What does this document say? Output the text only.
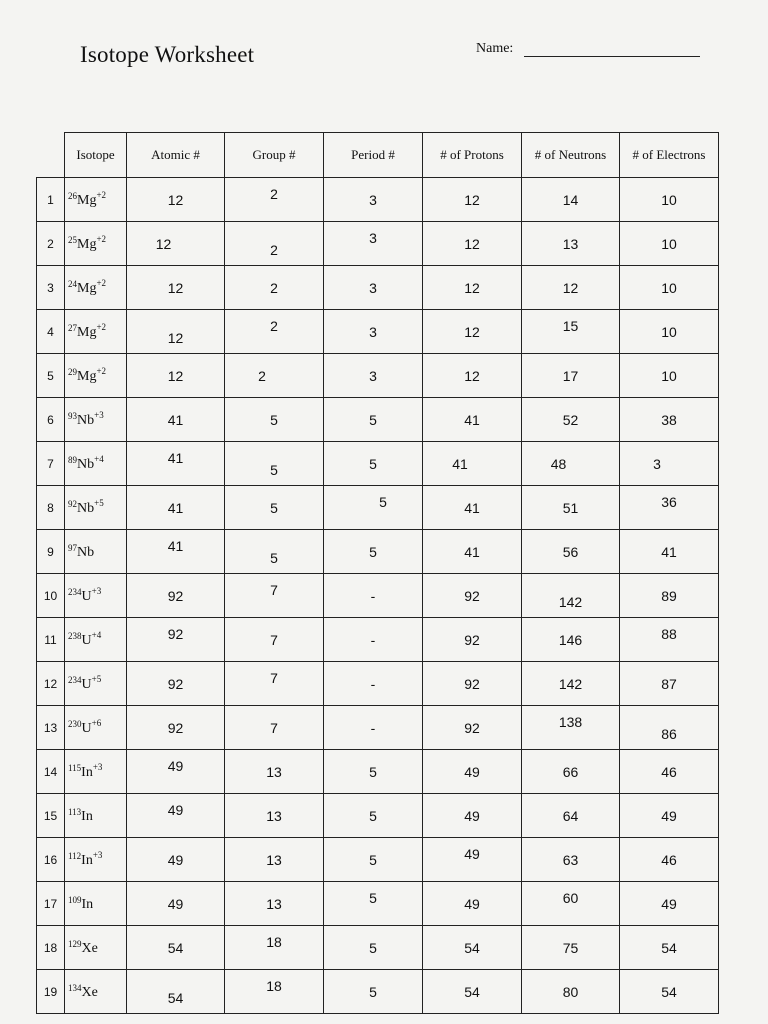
Isotope Worksheet	Name:
	Isotope	Atomic #	Group #	Period #	# of Protons	# of Neutrons	# of Electrons
1	$^{26}Mg^{+2}$	12	2	3	12	14	10
2	$^{25}Mg^{+2}$	12	2	3	12	13	10
3	$^{24}Mg^{+2}$	12	2	3	12	12	10
4	$^{27}Mg^{+2}$	12	2	3	12	15	10
5	$^{29}Mg^{+2}$	12	2	3	12	17	10
6	$^{93}Nb^{+3}$	41	5	5	41	52	38
7	$^{89}Nb^{+4}$	41	5	5	41	48	3
8	$^{92}Nb^{+5}$	41	5	5	41	51	36
9	$^{97}$Nb	41	5	5	41	56	41
10	$^{234}U^{+3}$	92	7	-	92	142	89
11	$^{238}U^{+4}$	92	7	-	92	146	88
12	$^{234}U^{+5}$	92	7	-	92	142	87
13	$^{230}U^{+6}$	92	7	-	92	138	86
14	$^{115}In^{+3}$	49	13	5	49	66	46
15	$^{113}$In	49	13	5	49	64	49
16	$^{112}In^{+3}$	49	13	5	49	63	46
17	$^{109}$In	49	13	5	49	60	49
18	$^{129}$Xe	54	18	5	54	75	54
19	$^{134}$Xe	54	18	5	54	80	54
